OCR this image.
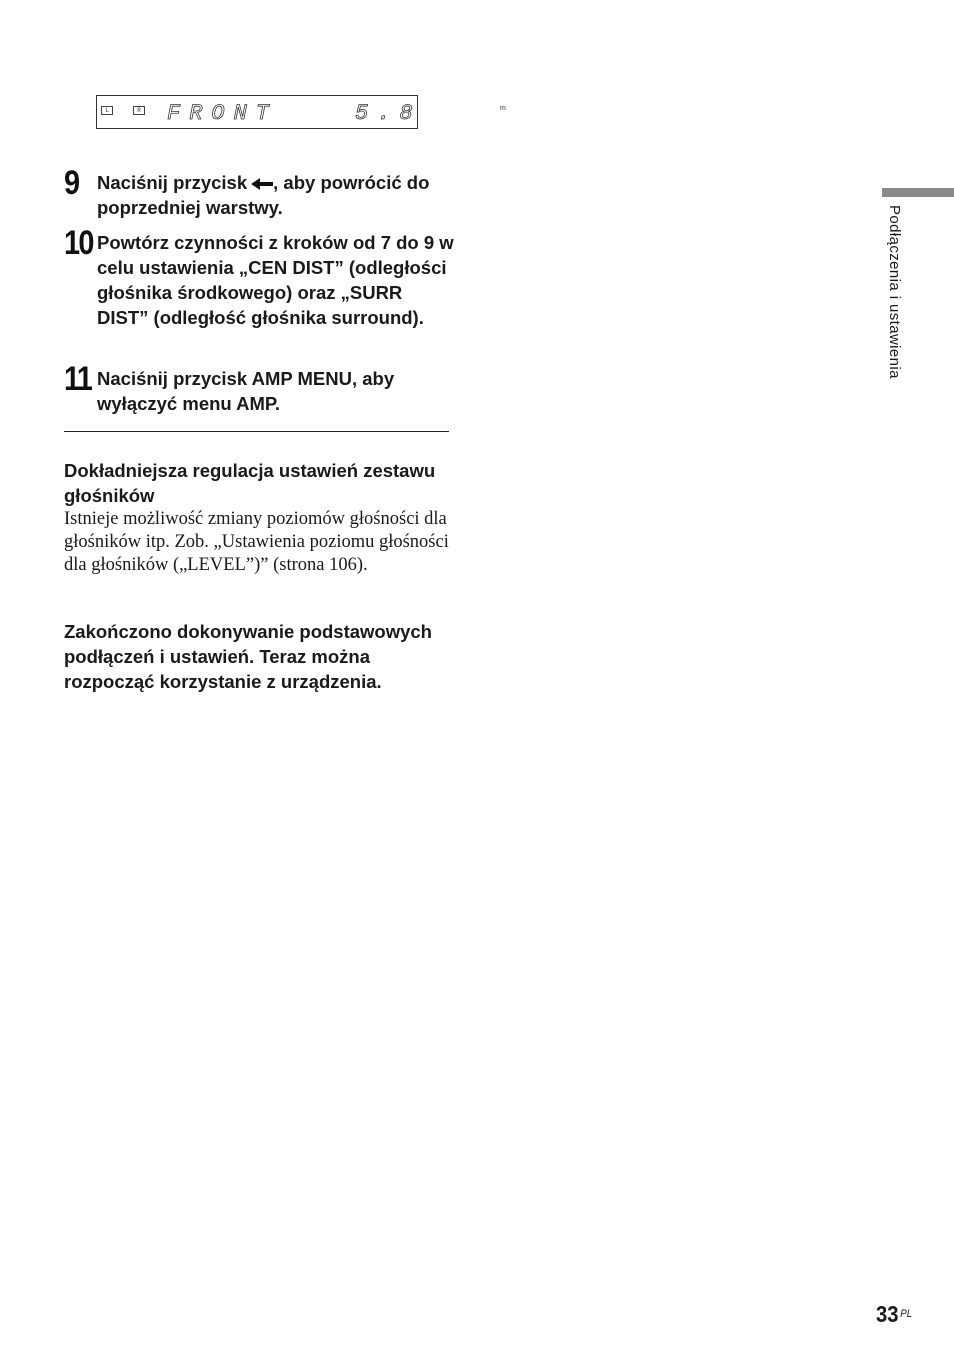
L	R FRONT	5.8	m
9 Naciśnij przycisk , aby powrócić do poprzedniej warstwy.
10 Powtórz czynności z kroków od 7 do 9 w celu ustawienia „CEN DIST” (odległości głośnika środkowego) oraz „SURR DIST” (odległość głośnika surround).
11 Naciśnij przycisk AMP MENU, aby wyłączyć menu AMP.
Dokładniejsza regulacja ustawień zestawu głośników
Istnieje możliwość zmiany poziomów głośności dla głośników itp. Zob. „Ustawienia poziomu głośności dla głośników („LEVEL”)” (strona 106).
Zakończono dokonywanie podstawowych podłączeń i ustawień. Teraz można rozpocząć korzystanie z urządzenia.
Podłączenia i ustawienia
33 $^{PL}$
